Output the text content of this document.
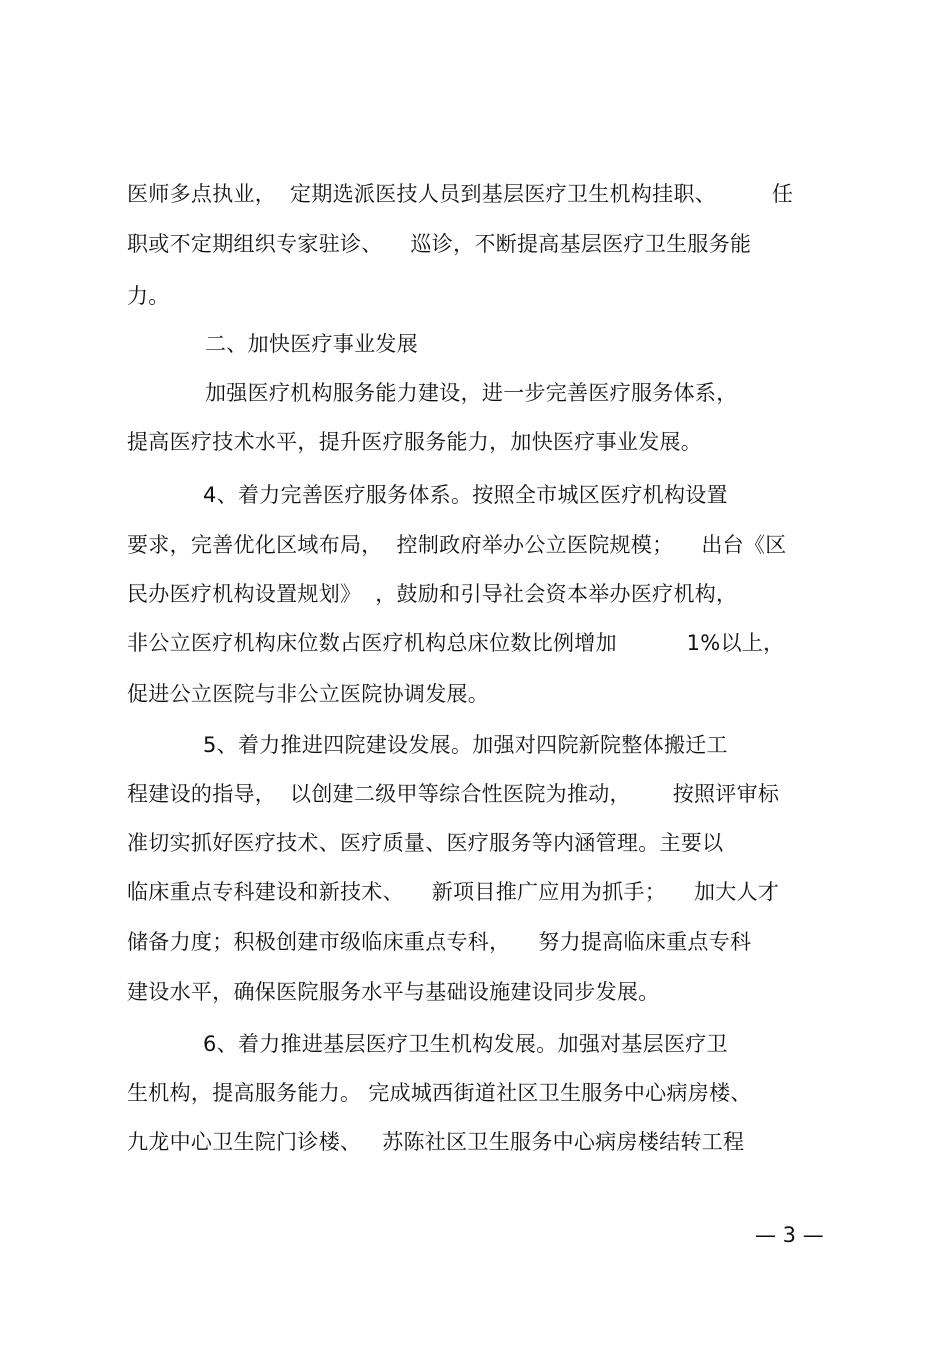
医师多点执业，  定期选派医技人员到基层医疗卫生机构挂职、        任
职或不定期组织专家驻诊、    巡诊，不断提高基层医疗卫生服务能
力。
二、加快医疗事业发展
加强医疗机构服务能力建设，进一步完善医疗服务体系，
提高医疗技术水平，提升医疗服务能力，加快医疗事业发展。
4、着力完善医疗服务体系。按照全市城区医疗机构设置
要求，完善优化区域布局，  控制政府举办公立医院规模；    出台《区
民办医疗机构设置规划》  ，鼓励和引导社会资本举办医疗机构，
非公立医疗机构床位数占医疗机构总床位数比例增加          1%以上，
促进公立医院与非公立医院协调发展。
5、着力推进四院建设发展。加强对四院新院整体搬迁工
程建设的指导，  以创建二级甲等综合性医院为推动，      按照评审标
准切实抓好医疗技术、医疗质量、医疗服务等内涵管理。主要以
临床重点专科建设和新技术、    新项目推广应用为抓手；    加大人才
储备力度；积极创建市级临床重点专科，    努力提高临床重点专科
建设水平，确保医院服务水平与基础设施建设同步发展。
6、着力推进基层医疗卫生机构发展。加强对基层医疗卫
生机构，提高服务能力。 完成城西街道社区卫生服务中心病房楼、
九龙中心卫生院门诊楼、   苏陈社区卫生服务中心病房楼结转工程
— 3 —
